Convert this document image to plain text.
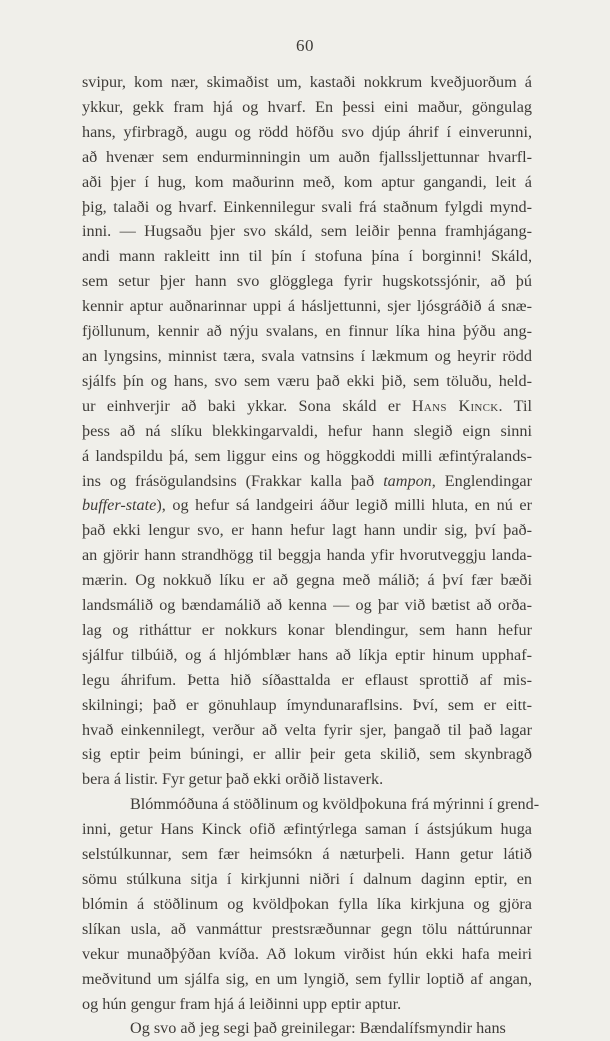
60
svipur, kom nær, skimaðist um, kastaði nokkrum kveðjuorðum á
ykkur, gekk fram hjá og hvarf. En þessi eini maður, göngulag
hans, yfirbragð, augu og rödd höfðu svo djúp áhrif í einverunni,
að hvenær sem endurminningin um auðn fjallssljettunnar hvarfl-
aði þjer í hug, kom maðurinn með, kom aptur gangandi, leit á
þig, talaði og hvarf. Einkennilegur svali frá staðnum fylgdi mynd-
inni. — Hugsaðu þjer svo skáld, sem leiðir þenna framhjágang-
andi mann rakleitt inn til þín í stofuna þína í borginni! Skáld,
sem setur þjer hann svo glögglega fyrir hugskotssjónir, að þú
kennir aptur auðnarinnar uppi á háslјettunni, sjer ljósgráðið á snæ-
fjöllunum, kennir að nýju svalans, en finnur líka hina þýðu ang-
an lyngsins, minnist tæra, svala vatnsins í lækmum og heyrir rödd
sjálfs þín og hans, svo sem væru það ekki þið, sem töluðu, held-
ur einhverjir að baki ykkar. Sona skáld er Hans Kinck. Til
þess að ná slíku blekkingarvaldi, hefur hann slegið eign sinni
á landspildu þá, sem liggur eins og höggkoddi milli æfintýralands-
ins og frásögulandsins (Frakkar kalla það tampon, Englendingar
buffer-state), og hefur sá landgeiri áður legið milli hluta, en nú er
það ekki lengur svo, er hann hefur lagt hann undir sig, því það-
an gjörir hann strandhögg til beggja handa yfir hvorutveggju landa-
mærin. Og nokkuð líku er að gegna með málið; á því fær bæði
landsmálið og bændamálið að kenna — og þar við bætist að orða-
lag og ritháttur er nokkurs konar blendingur, sem hann hefur
sjálfur tilbúið, og á hljómblær hans að líkja eptir hinum upphaf-
legu áhrifum. Þetta hið síðasttalda er eflaust sprottið af mis-
skilningi; það er gönuhlaup ímyndunaraflsins. Því, sem er eitt-
hvað einkennilegt, verður að velta fyrir sjer, þangað til það lagar
sig eptir þeim búningi, er allir þeir geta skilið, sem skynbragð
bera á listir. Fyr getur það ekki orðið listaverk.
Blómmóðuna á stöðlinum og kvöldþokuna frá mýrinni í grend-
inni, getur Hans Kinck ofið æfintýrlega saman í ástsjúkum huga
selstúlkunnar, sem fær heimsókn á næturþeli. Hann getur látið
sömu stúlkuna sitja í kirkjunni niðri í dalnum daginn eptir, en
blómin á stöðlinum og kvöldþokan fylla líka kirkjuna og gjöra
slíkan usla, að vanmáttur prestsræðunnar gegn tölu náttúrunnar
vekur munaðþýðan kvíða. Að lokum virðist hún ekki hafa meiri
meðvitund um sjálfa sig, en um lyngið, sem fyllir loptið af angan,
og hún gengur fram hjá á leiðinni upp eptir aptur.
Og svo að jeg segi það greinilegar: Bændalífsmyndir hans
